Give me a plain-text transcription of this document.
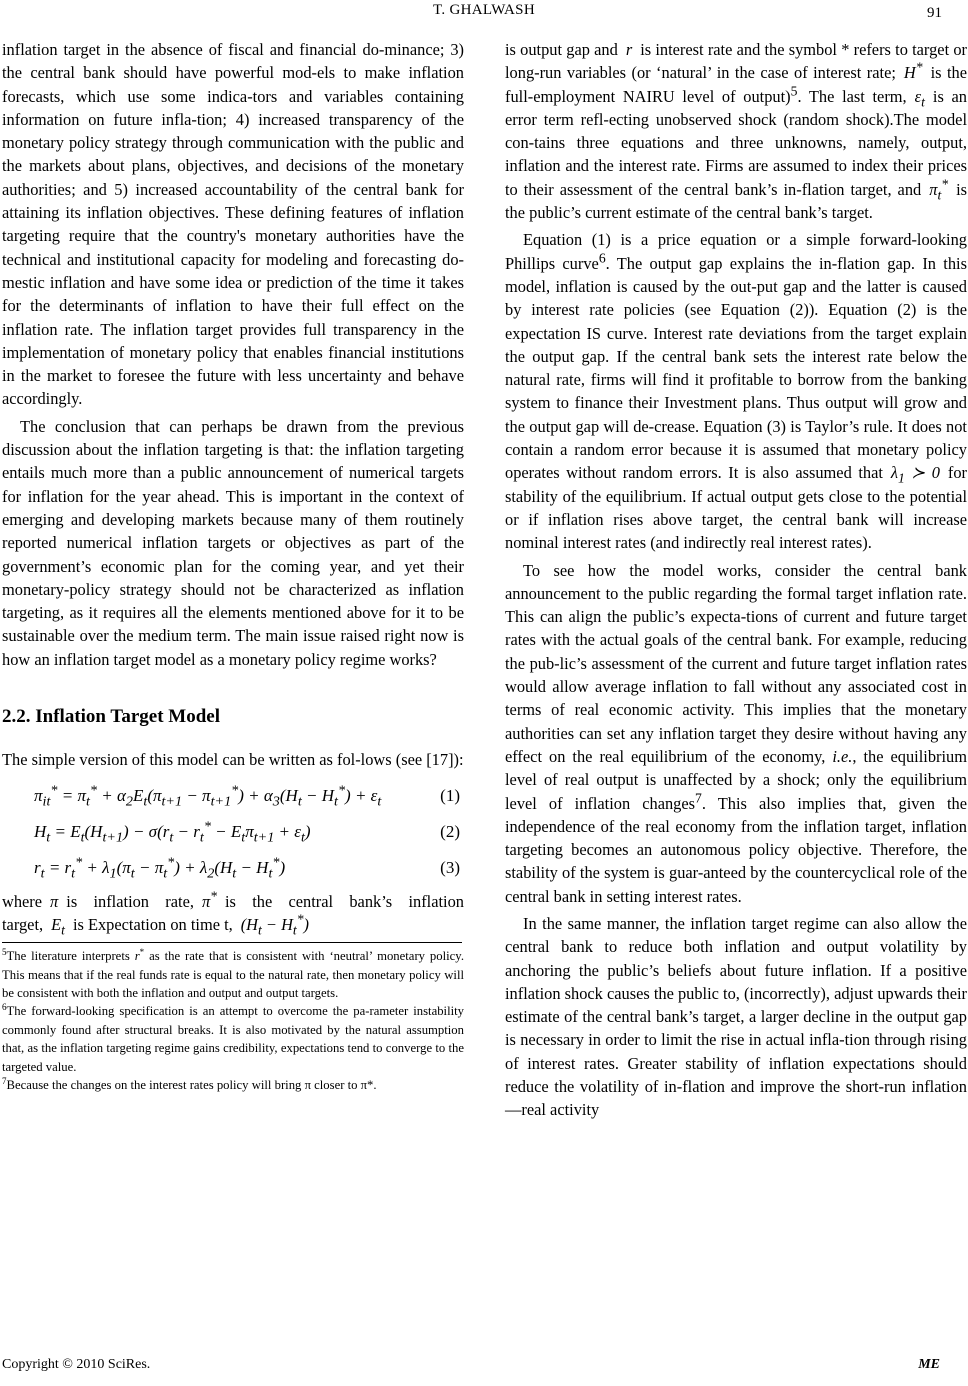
T. GHALWASH	91

inflation target in the absence of fiscal and financial do-minance; 3) the central bank should have powerful mod-els to make inflation forecasts, which use some indica-tors and variables containing information on future infla-tion; 4) increased transparency of the monetary policy strategy through communication with the public and the markets about plans, objectives, and decisions of the monetary authorities; and 5) increased accountability of the central bank for attaining its inflation objectives. These defining features of inflation targeting require that the country's monetary authorities have the technical and institutional capacity for modeling and forecasting do-mestic inflation and have some idea or prediction of the time it takes for the determinants of inflation to have their full effect on the inflation rate. The inflation target provides full transparency in the implementation of monetary policy that enables financial institutions in the market to foresee the future with less uncertainty and behave accordingly.

The conclusion that can perhaps be drawn from the previous discussion about the inflation targeting is that: the inflation targeting entails much more than a public announcement of numerical targets for inflation for the year ahead. This is important in the context of emerging and developing markets because many of them routinely reported numerical inflation targets or objectives as part of the government’s economic plan for the coming year, and yet their monetary-policy strategy should not be characterized as inflation targeting, as it requires all the elements mentioned above for it to be sustainable over the medium term. The main issue raised right now is how an inflation target model as a monetary policy regime works?

2.2. Inflation Target Model

The simple version of this model can be written as fol-lows (see [17]):

$\pi_{it}^* = \pi_t^* + \alpha_2E_t(\pi_{t+1} - \pi_{t+1}^*) + \alpha_3(H_t - H_t^*) + \varepsilon_t$	(1)
$H_t = E_t(H_{t+1}) - \sigma(r_t - r_t^* - E_t\pi_{t+1} + \varepsilon_t)$	(2)
$r_t = r_t^* + \lambda_1(\pi_t - \pi_t^*) + \lambda_2(H_t - H_t^*)$	(3)

where π is inflation rate, π* is the central bank’s inflation target, $E_t$ is Expectation on time t, $(H_t - H_t^*)$

$^5$The literature interprets r* as the rate that is consistent with ‘neutral’ monetary policy. This means that if the real funds rate is equal to the natural rate, then monetary policy will be consistent with both the inflation and output and output targets.
$^6$The forward-looking specification is an attempt to overcome the pa-rameter instability commonly found after structural breaks. It is also motivated by the natural assumption that, as the inflation targeting regime gains credibility, expectations tend to converge to the targeted value.
$^7$Because the changes on the interest rates policy will bring π closer to π*.

is output gap and r is interest rate and the symbol * refers to target or long-run variables (or ‘natural’ in the case of interest rate; H* is the full-employment NAIRU level of output)$^5$. The last term, $\varepsilon_t$ is an error term refl-ecting unobserved shock (random shock).The model con-tains three equations and three unknowns, namely, output, inflation and the interest rate. Firms are assumed to index their prices to their assessment of the central bank’s in-flation target, and $\pi_t^*$ is the public’s current estimate of the central bank’s target.

Equation (1) is a price equation or a simple forward-looking Phillips curve$^6$. The output gap explains the in-flation gap. In this model, inflation is caused by the out-put gap and the latter is caused by interest rate policies (see Equation (2)). Equation (2) is the expectation IS curve. Interest rate deviations from the target explain the output gap. If the central bank sets the interest rate below the natural rate, firms will find it profitable to borrow from the banking system to finance their Investment plans. Thus output will grow and the output gap will de-crease. Equation (3) is Taylor’s rule. It does not contain a random error because it is assumed that monetary policy operates without random errors. It is also assumed that $\lambda_1$ ≻ 0 for stability of the equilibrium. If actual output gets close to the potential or if inflation rises above target, the central bank will increase nominal interest rates (and indirectly real interest rates).

To see how the model works, consider the central bank announcement to the public regarding the formal target inflation rate. This can align the public’s expecta-tions of current and future target rates with the actual goals of the central bank. For example, reducing the pub-lic’s assessment of the current and future target inflation rates would allow average inflation to fall without any associated cost in terms of real economic activity. This implies that the monetary authorities can set any inflation target they desire without having any effect on the real equilibrium of the economy, i.e., the equilibrium level of real output is unaffected by a shock; only the equilibrium level of inflation changes$^7$. This also implies that, given the independence of the real economy from the inflation target, inflation targeting becomes an autonomous policy objective. Therefore, the stability of the system is guar-anteed by the countercyclical role of the central bank in setting interest rates.

In the same manner, the inflation target regime can also allow the central bank to reduce both inflation and output volatility by anchoring the public’s beliefs about future inflation. If a positive inflation shock causes the public to, (incorrectly), adjust upwards their estimate of the central bank’s target, a larger decline in the output gap is necessary in order to limit the rise in actual infla-tion through rising of interest rates. Greater stability of inflation expectations should reduce the volatility of in-flation and improve the short-run inflation—real activity

Copyright © 2010 SciRes.	ME
